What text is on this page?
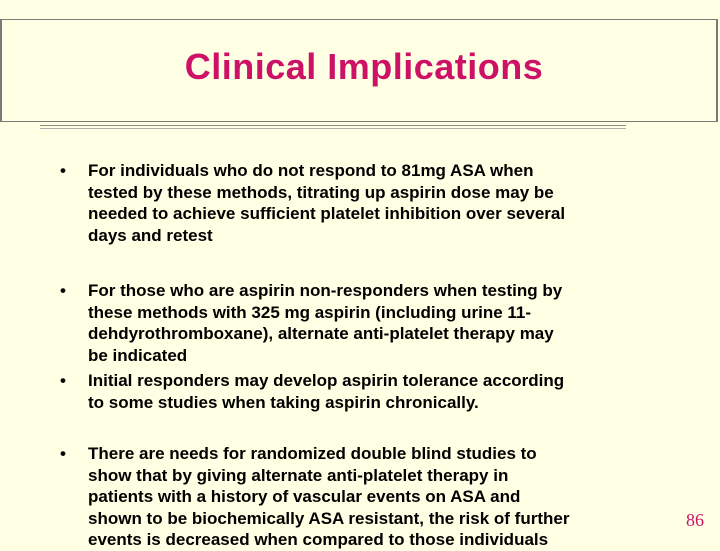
Clinical Implications
•	For individuals who do not respond to 81mg ASA when
tested by these methods, titrating up aspirin dose may be
needed to achieve sufficient platelet inhibition over several
days and retest
•	For those who are aspirin non-responders when testing by
these methods with 325 mg aspirin (including urine 11-
dehdyrothromboxane), alternate anti-platelet therapy may
be indicated
•	Initial responders may develop aspirin tolerance according
to some studies when taking aspirin chronically.
•	There are needs for randomized double blind studies to
show that by giving alternate anti-platelet therapy in
patients with a history of vascular events on ASA and
shown to be biochemically ASA resistant, the risk of further
events is decreased when compared to those individuals
86
